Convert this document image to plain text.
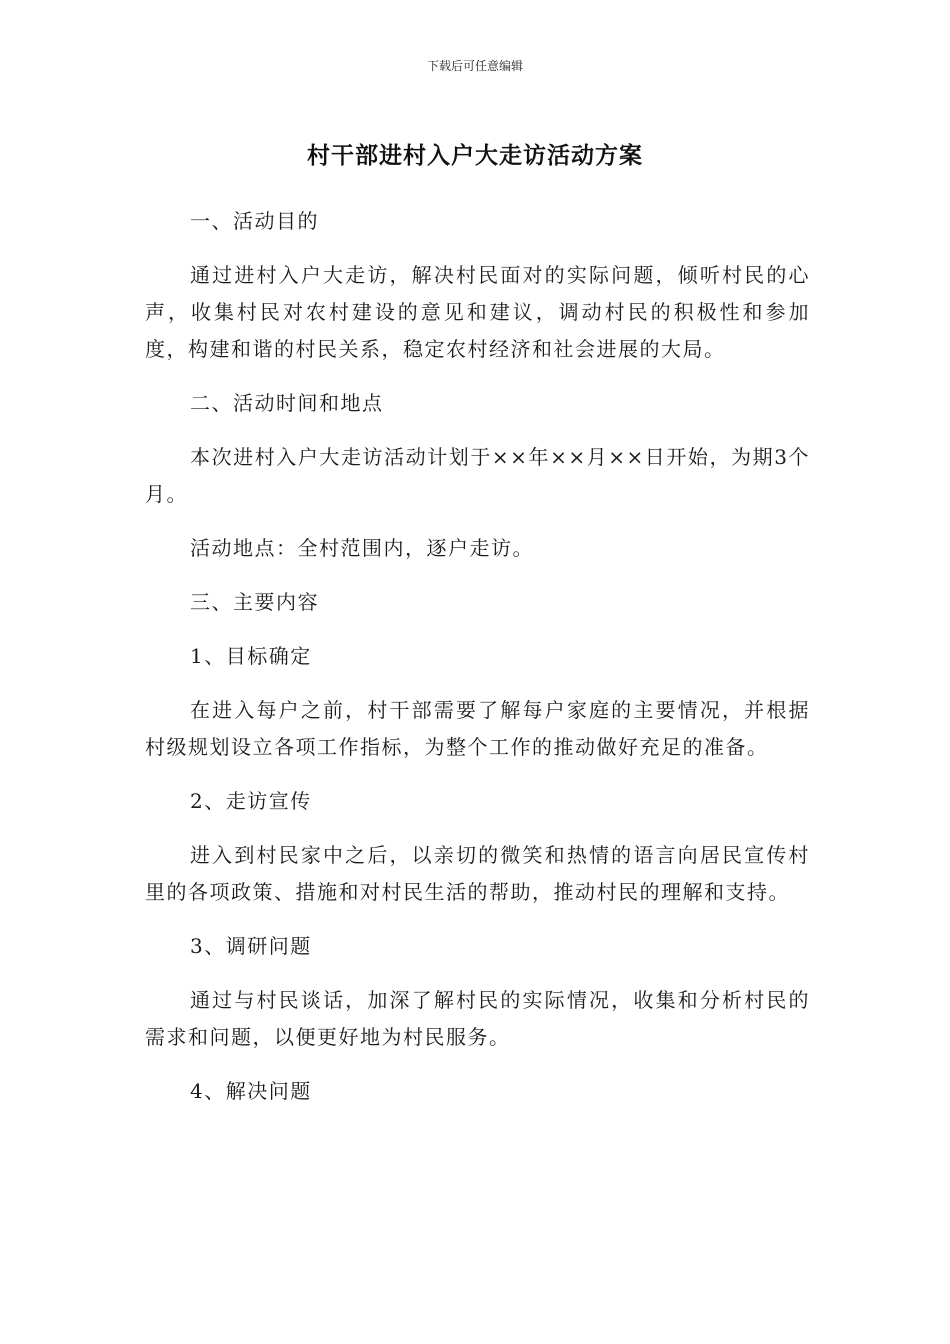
下载后可任意编辑
村干部进村入户大走访活动方案

一、活动目的

通过进村入户大走访，解决村民面对的实际问题，倾听村民的心声，收集村民对农村建设的意见和建议，调动村民的积极性和参加度，构建和谐的村民关系，稳定农村经济和社会进展的大局。

二、活动时间和地点

本次进村入户大走访活动计划于××年××月××日开始，为期3个月。

活动地点：全村范围内，逐户走访。

三、主要内容

1、目标确定

在进入每户之前，村干部需要了解每户家庭的主要情况，并根据村级规划设立各项工作指标，为整个工作的推动做好充足的准备。

2、走访宣传

进入到村民家中之后，以亲切的微笑和热情的语言向居民宣传村里的各项政策、措施和对村民生活的帮助，推动村民的理解和支持。

3、调研问题

通过与村民谈话，加深了解村民的实际情况，收集和分析村民的需求和问题，以便更好地为村民服务。

4、解决问题
